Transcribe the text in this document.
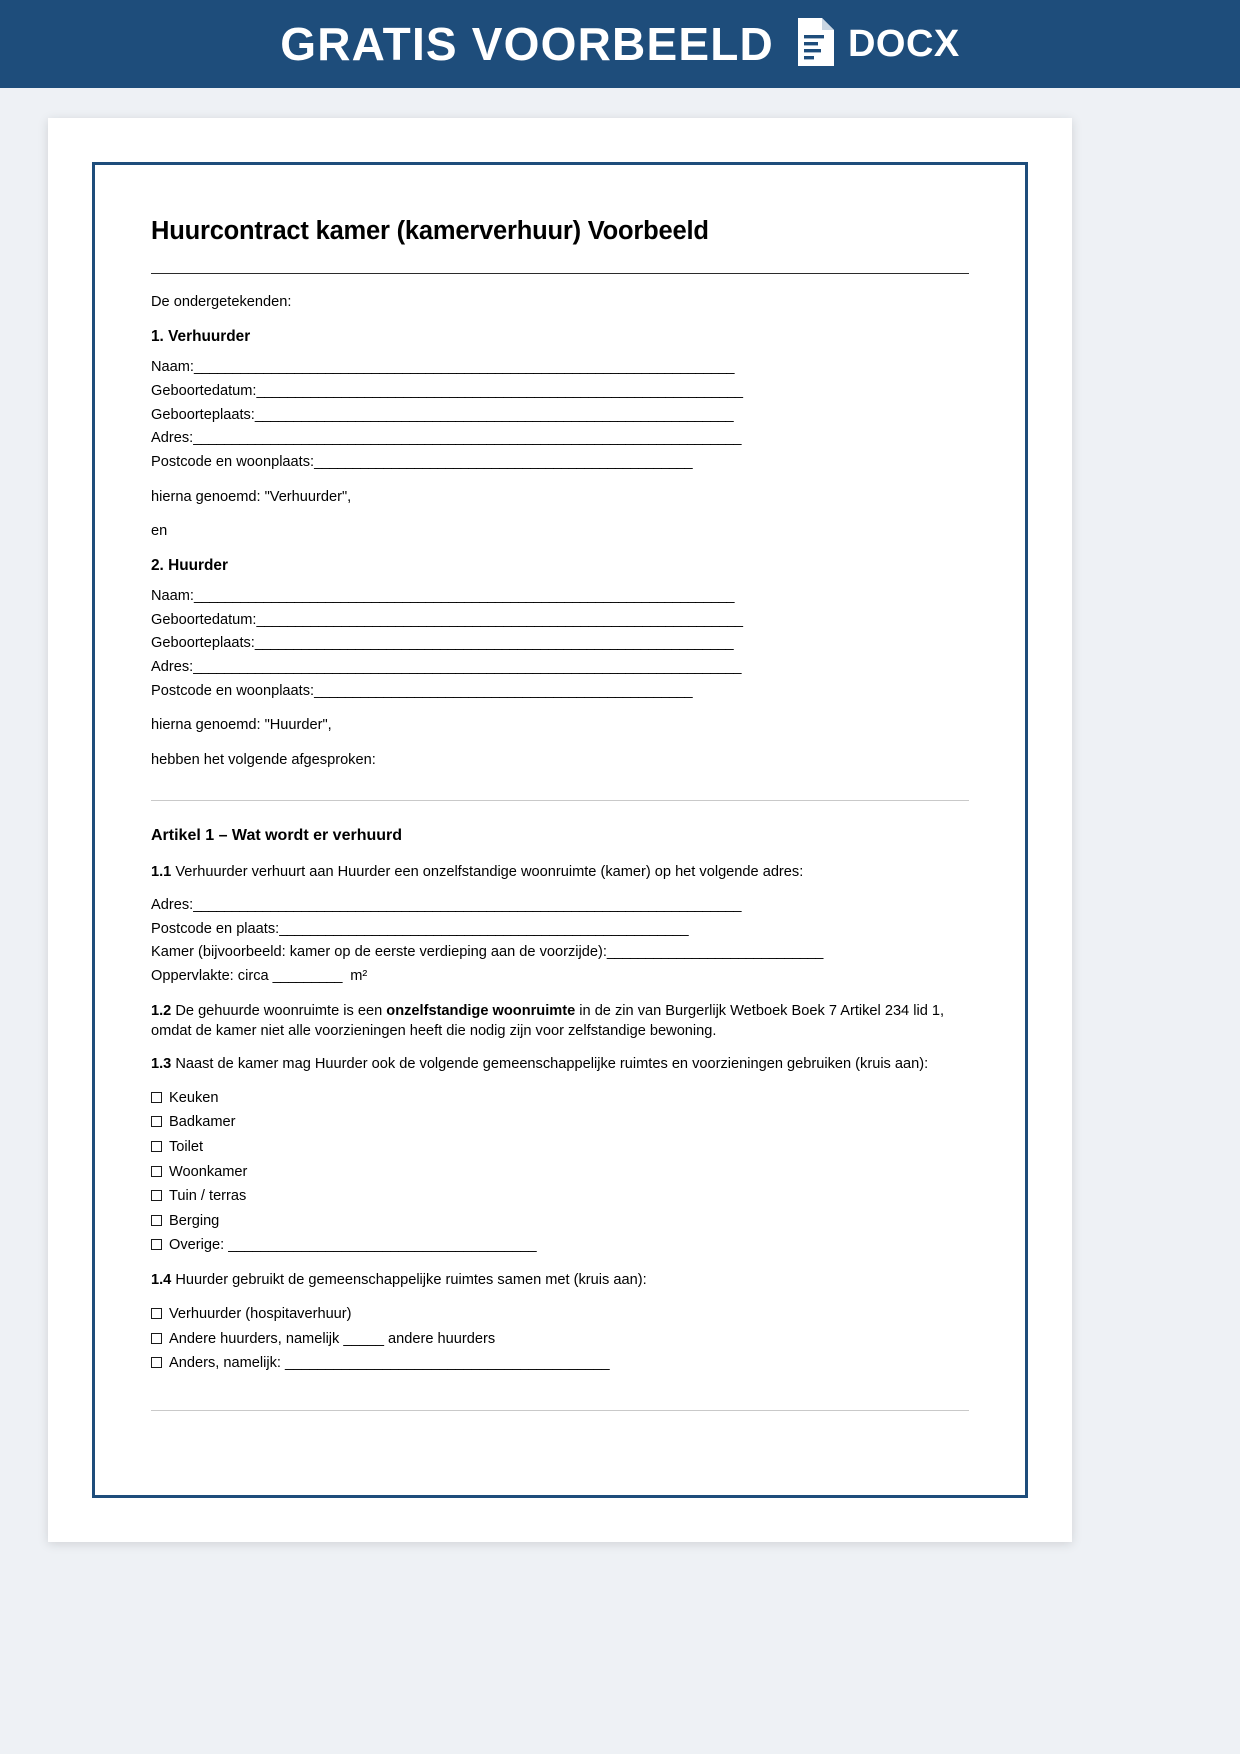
GRATIS VOORBEELD DOCX
Huurcontract kamer (kamerverhuur) Voorbeeld

De ondergetekenden:

1. Verhuurder

Naam:______________________________________________________________________

Geboortedatum:_______________________________________________________________

Geboorteplaats:______________________________________________________________

Adres:_______________________________________________________________________

Postcode en woonplaats:_________________________________________________

hierna genoemd: "Verhuurder",

en

2. Huurder

Naam:______________________________________________________________________

Geboortedatum:_______________________________________________________________

Geboorteplaats:______________________________________________________________

Adres:_______________________________________________________________________

Postcode en woonplaats:_________________________________________________

hierna genoemd: "Huurder",

hebben het volgende afgesproken:

Artikel 1 – Wat wordt er verhuurd

1.1 Verhuurder verhuurt aan Huurder een onzelfstandige woonruimte (kamer) op het volgende adres:

Adres:_______________________________________________________________________

Postcode en plaats:_____________________________________________________

Kamer (bijvoorbeeld: kamer op de eerste verdieping aan de voorzijde):____________________________

Oppervlakte: circa _________ m²

1.2 De gehuurde woonruimte is een onzelfstandige woonruimte in de zin van Burgerlijk Wetboek Boek 7 Artikel 234 lid 1, omdat de kamer niet alle voorzieningen heeft die nodig zijn voor zelfstandige bewoning.

1.3 Naast de kamer mag Huurder ook de volgende gemeenschappelijke ruimtes en voorzieningen gebruiken (kruis aan):

Keuken

Badkamer

Toilet

Woonkamer

Tuin / terras

Berging

Overige: ______________________________________

1.4 Huurder gebruikt de gemeenschappelijke ruimtes samen met (kruis aan):

Verhuurder (hospitaverhuur)

Andere huurders, namelijk _____ andere huurders

Anders, namelijk: ________________________________________
